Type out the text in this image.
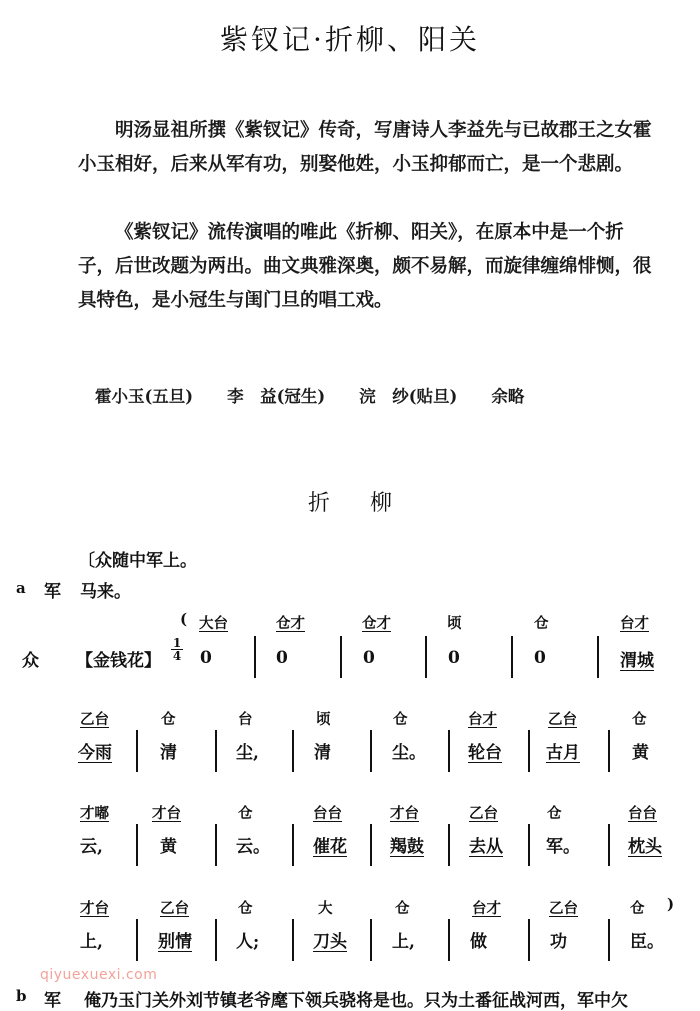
紫钗记·折柳、阳关

明汤显祖所撰《紫钗记》传奇，写唐诗人李益先与已故郡王之女霍小玉相好，后来从军有功，别娶他姓，小玉抑郁而亡，是一个悲剧。

《紫钗记》流传演唱的唯此《折柳、阳关》，在原本中是一个折子，后世改题为两出。曲文典雅深奥，颇不易解，而旋律缠绵悱恻，很具特色，是小冠生与闺门旦的唱工戏。

霍小玉(五旦) 李　益(冠生) 浣　纱(贴旦) 余略
折柳
〔众随中军上。
a 军 马来。
(
众 【金钱花】 $\frac{1}{4}$
大台	仓才	仓才	顷	仓	台才
0	0	0	0	0	渭城
乙台	仓	台	顷	仓	台才	乙台	仓
今雨	清	尘,	清	尘。 轮台	古月	黄
才嘟	才台	仓	台台	才台	乙台	仓	台台
云,	黄	云。	催花	羯鼓	去从	军。	枕头
才台	乙台	仓	大	仓	台才	乙台	仓 )
上,	别情	人;	刀头	上,	做	功	臣。
qiyuexuexi.com
b 军 俺乃玉门关外刘节镇老爷麾下领兵骁将是也。只为土番征战河西，军中欠
